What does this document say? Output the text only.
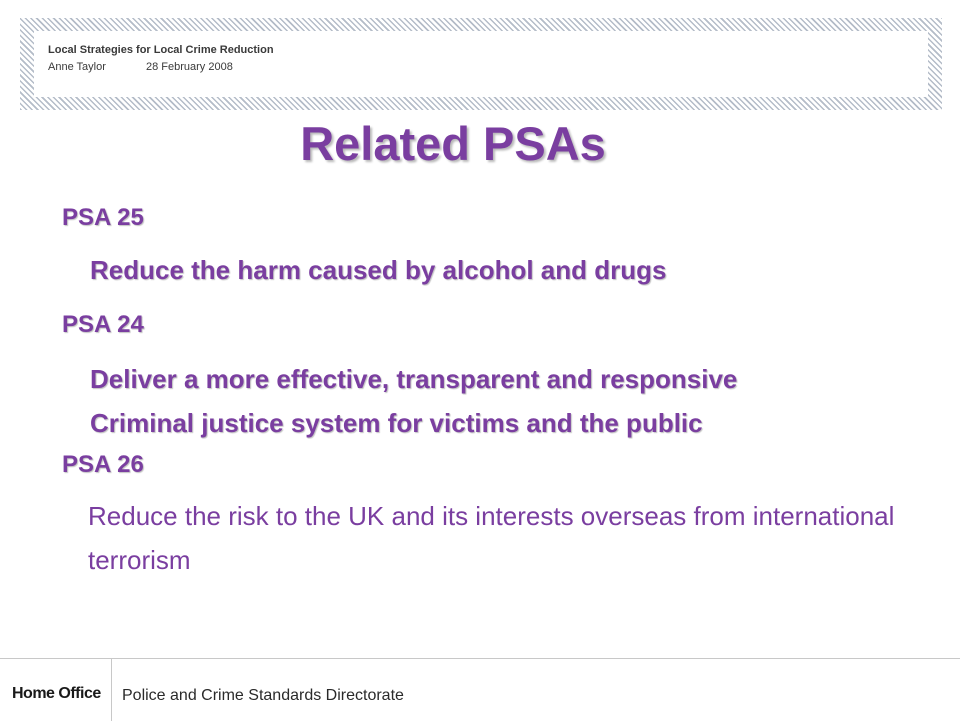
Local Strategies for Local Crime Reduction
Anne Taylor	28 February 2008
Related PSAs
PSA 25
Reduce the harm caused by alcohol and drugs
PSA 24
Deliver a more effective, transparent and responsive
Criminal justice system for victims and the public
PSA 26
Reduce the risk to the UK and its interests overseas from international terrorism
Home Office Police and Crime Standards Directorate
